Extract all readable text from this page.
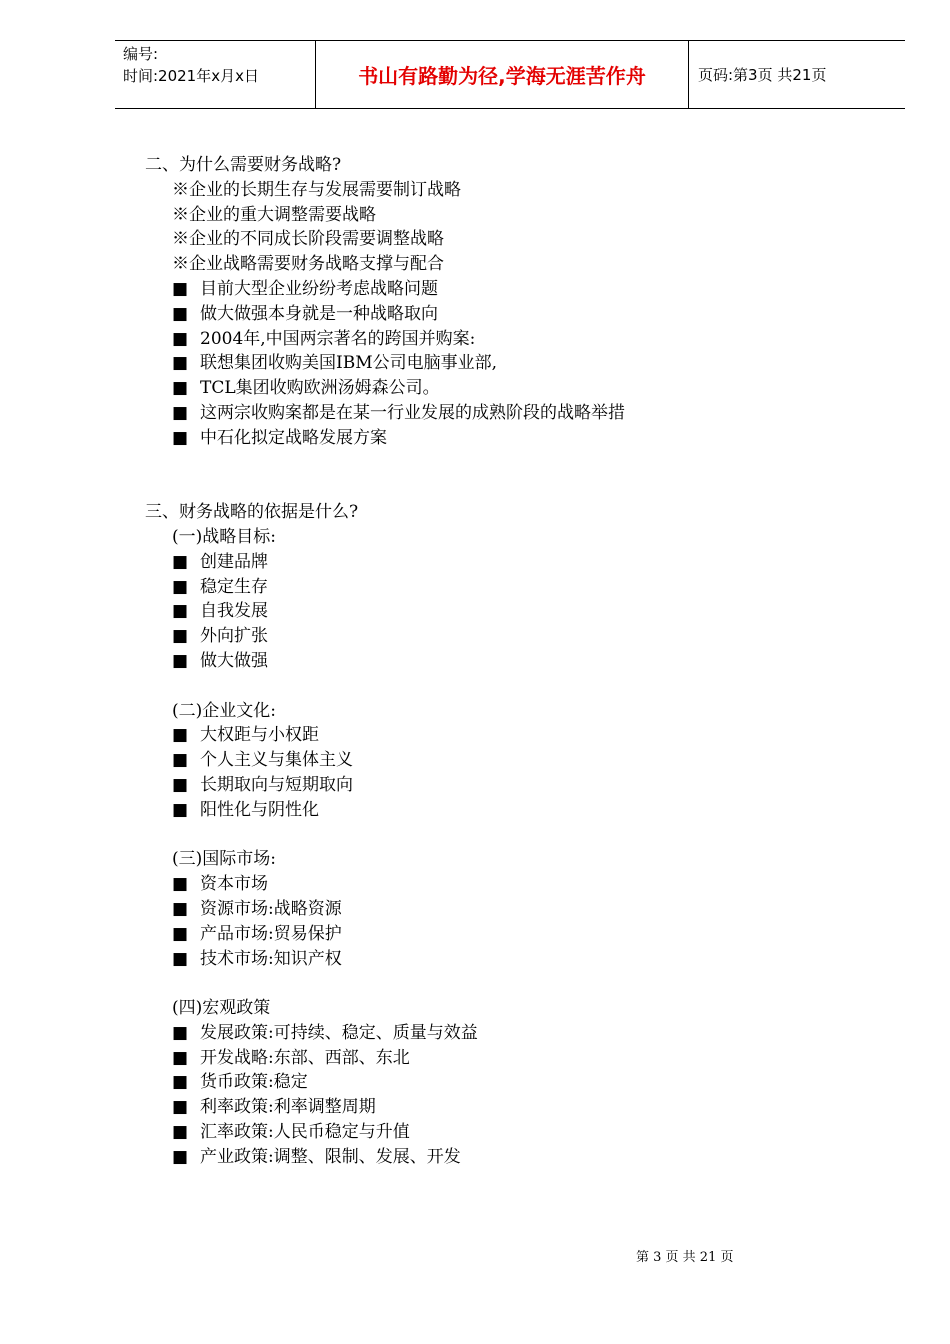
编号:
时间:2021年x月x日	书山有路勤为径,学海无涯苦作舟	页码:第3页 共21页
二、为什么需要财务战略?
※企业的长期生存与发展需要制订战略
※企业的重大调整需要战略
※企业的不同成长阶段需要调整战略
※企业战略需要财务战略支撑与配合
■ 目前大型企业纷纷考虑战略问题
■ 做大做强本身就是一种战略取向
■ 2004年,中国两宗著名的跨国并购案:
■ 联想集团收购美国IBM公司电脑事业部,
■ TCL集团收购欧洲汤姆森公司。
■ 这两宗收购案都是在某一行业发展的成熟阶段的战略举措
■ 中石化拟定战略发展方案
三、财务战略的依据是什么?
(一)战略目标:
■ 创建品牌
■ 稳定生存
■ 自我发展
■ 外向扩张
■ 做大做强
(二)企业文化:
■ 大权距与小权距
■ 个人主义与集体主义
■ 长期取向与短期取向
■ 阳性化与阴性化
(三)国际市场:
■ 资本市场
■ 资源市场:战略资源
■ 产品市场:贸易保护
■ 技术市场:知识产权
(四)宏观政策
■ 发展政策:可持续、稳定、质量与效益
■ 开发战略:东部、西部、东北
■ 货币政策:稳定
■ 利率政策:利率调整周期
■ 汇率政策:人民币稳定与升值
■ 产业政策:调整、限制、发展、开发
第 3 页 共 21 页
